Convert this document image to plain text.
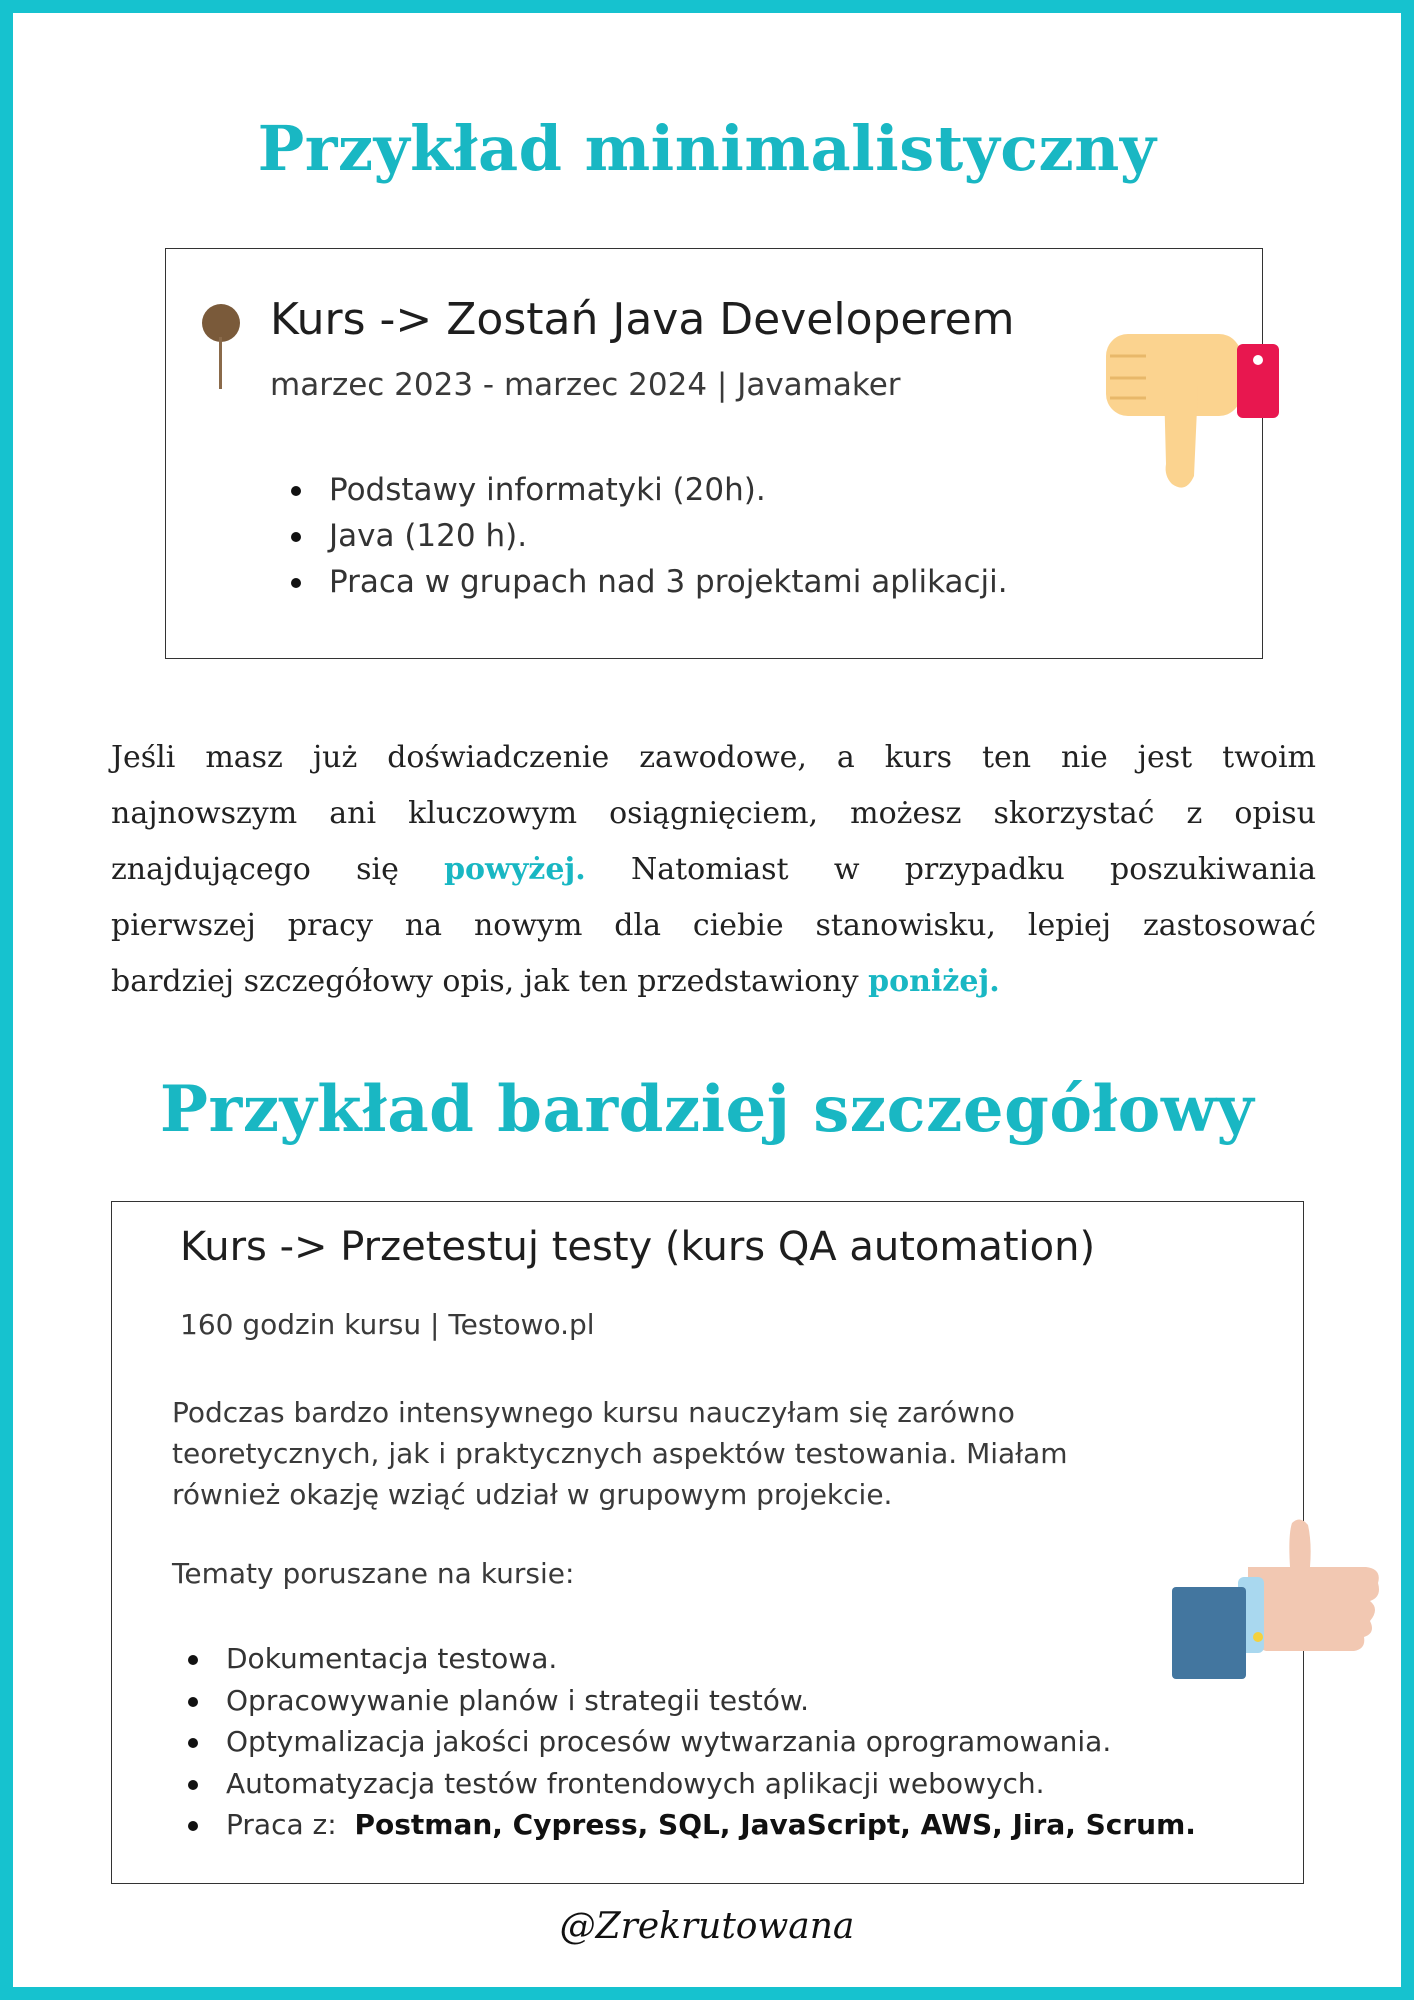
Przykład minimalistyczny
Kurs -> Zostań Java Developerem
marzec 2023 - marzec 2024 | Javamaker
Podstawy informatyki (20h).
Java (120 h).
Praca w grupach nad 3 projektami aplikacji.

Jeśli masz już doświadczenie zawodowe, a kurs ten nie jest twoim

najnowszym ani kluczowym osiągnięciem, możesz skorzystać z opisu

znajdującego się powyżej. Natomiast w przypadku poszukiwania

pierwszej pracy na nowym dla ciebie stanowisku, lepiej zastosować

bardziej szczegółowy opis, jak ten przedstawiony poniżej.

Przykład bardziej szczegółowy
Kurs -> Przetestuj testy (kurs QA automation)
160 godzin kursu | Testowo.pl

Podczas bardzo intensywnego kursu nauczyłam się zarówno

teoretycznych, jak i praktycznych aspektów testowania. Miałam

również okazję wziąć udział w grupowym projekcie.

Tematy poruszane na kursie:
Dokumentacja testowa.
Opracowywanie planów i strategii testów.
Optymalizacja jakości procesów wytwarzania oprogramowania.
Automatyzacja testów frontendowych aplikacji webowych.
Praca z: Postman, Cypress, SQL, JavaScript, AWS, Jira, Scrum.
@Zrekrutowana
